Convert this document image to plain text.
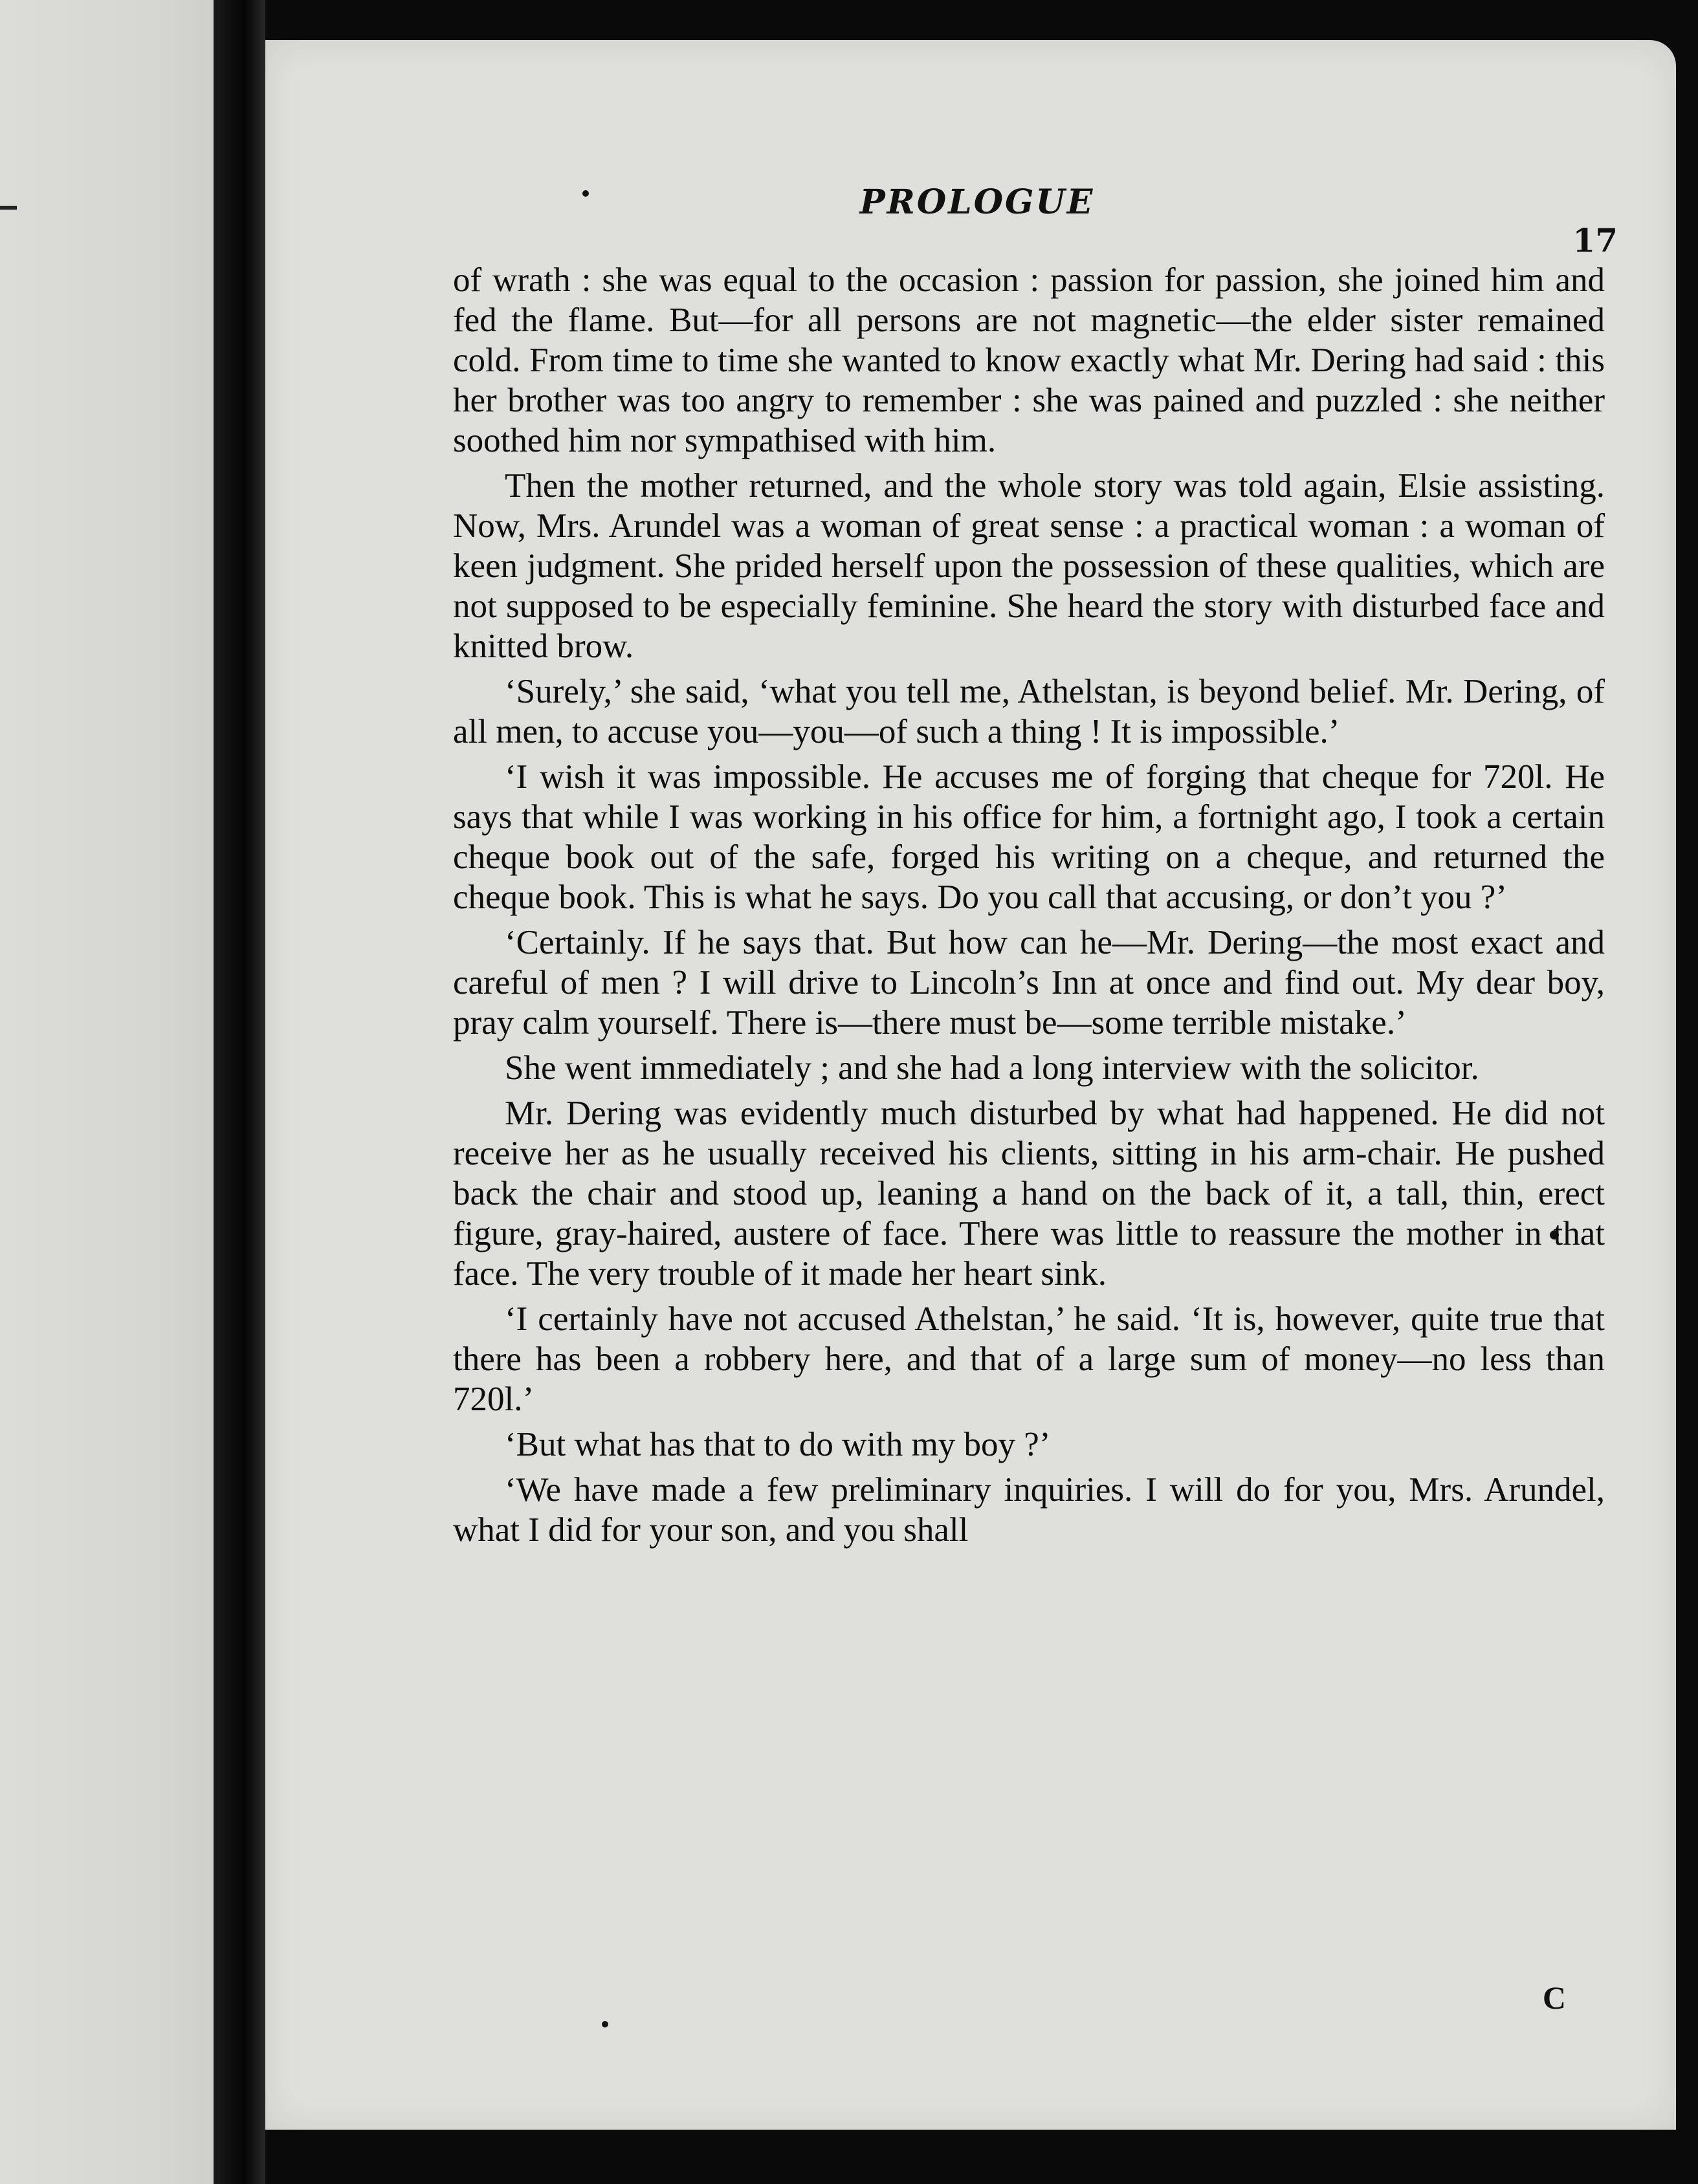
PROLOGUE
17

of wrath : she was equal to the occasion : passion for passion, she joined him and fed the flame. But—for all persons are not magnetic—the elder sister remained cold. From time to time she wanted to know exactly what Mr. Dering had said : this her brother was too angry to remember : she was pained and puzzled : she neither soothed him nor sympathised with him.

Then the mother returned, and the whole story was told again, Elsie assisting. Now, Mrs. Arundel was a woman of great sense : a practical woman : a woman of keen judgment. She prided herself upon the possession of these qualities, which are not supposed to be especially feminine. She heard the story with disturbed face and knitted brow.

‘Surely,’ she said, ‘what you tell me, Athelstan, is beyond belief. Mr. Dering, of all men, to accuse you—you—of such a thing ! It is impossible.’

‘I wish it was impossible. He accuses me of forging that cheque for 720l. He says that while I was working in his office for him, a fortnight ago, I took a certain cheque book out of the safe, forged his writing on a cheque, and returned the cheque book. This is what he says. Do you call that accusing, or don’t you ?’

‘Certainly. If he says that. But how can he—Mr. Dering—the most exact and careful of men ? I will drive to Lincoln’s Inn at once and find out. My dear boy, pray calm yourself. There is—there must be—some terrible mistake.’

She went immediately ; and she had a long interview with the solicitor.

Mr. Dering was evidently much disturbed by what had happened. He did not receive her as he usually received his clients, sitting in his arm-chair. He pushed back the chair and stood up, leaning a hand on the back of it, a tall, thin, erect figure, gray-haired, austere of face. There was little to reassure the mother in that face. The very trouble of it made her heart sink.

‘I certainly have not accused Athelstan,’ he said. ‘It is, however, quite true that there has been a robbery here, and that of a large sum of money—no less than 720l.’

‘But what has that to do with my boy ?’

‘We have made a few preliminary inquiries. I will do for you, Mrs. Arundel, what I did for your son, and you shall

C
